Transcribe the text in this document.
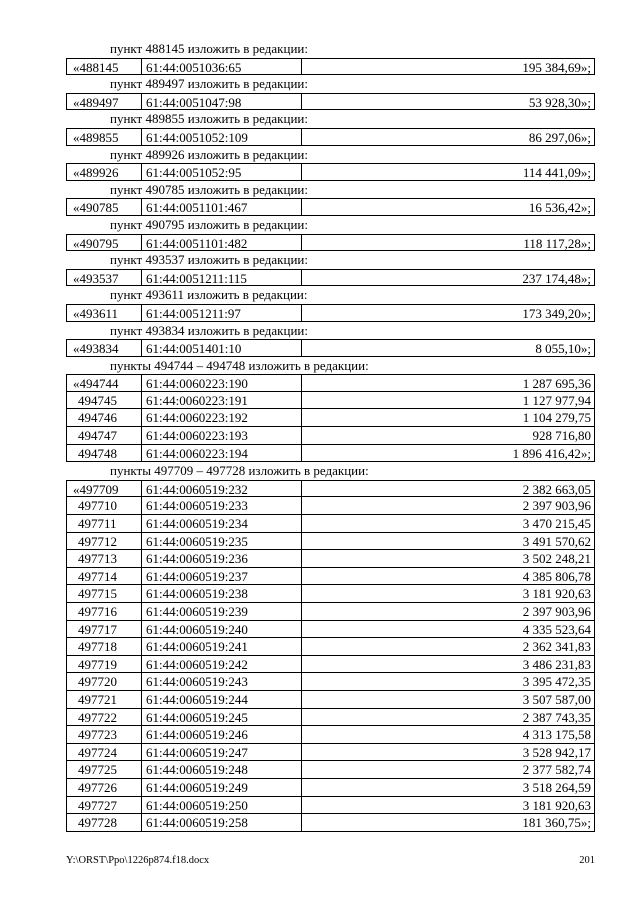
пункт 488145 изложить в редакции:
«488145	61:44:0051036:65	195 384,69»;
пункт 489497 изложить в редакции:
«489497	61:44:0051047:98	53 928,30»;
пункт 489855 изложить в редакции:
«489855	61:44:0051052:109	86 297,06»;
пункт 489926 изложить в редакции:
«489926	61:44:0051052:95	114 441,09»;
пункт 490785 изложить в редакции:
«490785	61:44:0051101:467	16 536,42»;
пункт 490795 изложить в редакции:
«490795	61:44:0051101:482	118 117,28»;
пункт 493537 изложить в редакции:
«493537	61:44:0051211:115	237 174,48»;
пункт 493611 изложить в редакции:
«493611	61:44:0051211:97	173 349,20»;
пункт 493834 изложить в редакции:
«493834	61:44:0051401:10	8 055,10»;
пункты 494744 – 494748 изложить в редакции:
«494744	61:44:0060223:190	1 287 695,36
494745	61:44:0060223:191	1 127 977,94
494746	61:44:0060223:192	1 104 279,75
494747	61:44:0060223:193	928 716,80
494748	61:44:0060223:194	1 896 416,42»;
пункты 497709 – 497728 изложить в редакции:
«497709	61:44:0060519:232	2 382 663,05
497710	61:44:0060519:233	2 397 903,96
497711	61:44:0060519:234	3 470 215,45
497712	61:44:0060519:235	3 491 570,62
497713	61:44:0060519:236	3 502 248,21
497714	61:44:0060519:237	4 385 806,78
497715	61:44:0060519:238	3 181 920,63
497716	61:44:0060519:239	2 397 903,96
497717	61:44:0060519:240	4 335 523,64
497718	61:44:0060519:241	2 362 341,83
497719	61:44:0060519:242	3 486 231,83
497720	61:44:0060519:243	3 395 472,35
497721	61:44:0060519:244	3 507 587,00
497722	61:44:0060519:245	2 387 743,35
497723	61:44:0060519:246	4 313 175,58
497724	61:44:0060519:247	3 528 942,17
497725	61:44:0060519:248	2 377 582,74
497726	61:44:0060519:249	3 518 264,59
497727	61:44:0060519:250	3 181 920,63
497728	61:44:0060519:258	181 360,75»;
Y:\ORST\Ppo\1226p874.f18.docx	201
